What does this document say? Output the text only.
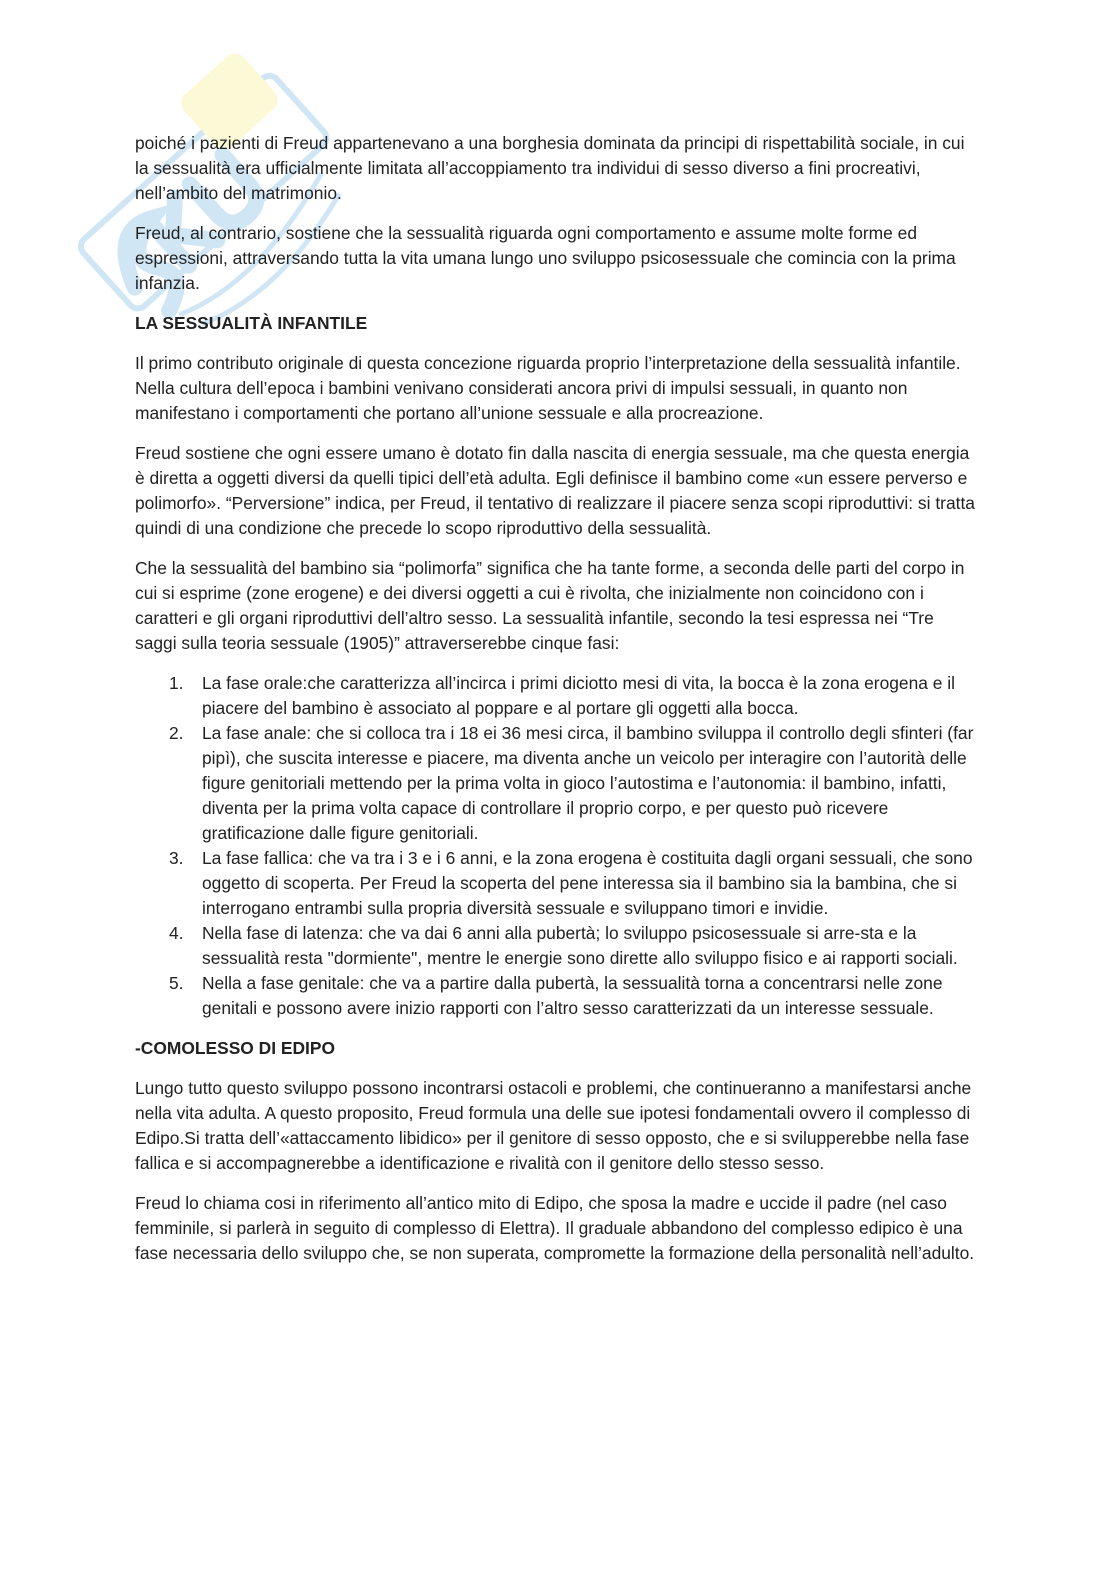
poiché i pazienti di Freud appartenevano a una borghesia dominata da principi di rispettabilità sociale, in cui la sessualità era ufficialmente limitata all’accoppiamento tra individui di sesso diverso a fini procreativi, nell’ambito del matrimonio.

Freud, al contrario, sostiene che la sessualità riguarda ogni comportamento e assume molte forme ed espressioni, attraversando tutta la vita umana lungo uno sviluppo psicosessuale che comincia con la prima infanzia.

LA SESSUALITÀ INFANTILE

Il primo contributo originale di questa concezione riguarda proprio l’interpretazione della sessualità infantile. Nella cultura dell’epoca i bambini venivano considerati ancora privi di impulsi sessuali, in quanto non manifestano i comportamenti che portano all’unione sessuale e alla procreazione.

Freud sostiene che ogni essere umano è dotato fin dalla nascita di energia sessuale, ma che questa energia è diretta a oggetti diversi da quelli tipici dell’età adulta. Egli definisce il bambino come «un essere perverso e polimorfo». “Perversione” indica, per Freud, il tentativo di realizzare il piacere senza scopi riproduttivi: si tratta quindi di una condizione che precede lo scopo riproduttivo della sessualità.

Che la sessualità del bambino sia “polimorfa” significa che ha tante forme, a seconda delle parti del corpo in cui si esprime (zone erogene) e dei diversi oggetti a cui è rivolta, che inizialmente non coincidono con i caratteri e gli organi riproduttivi dell’altro sesso. La sessualità infantile, secondo la tesi espressa nei “Tre saggi sulla teoria sessuale (1905)” attraverserebbe cinque fasi:

1. La fase orale:che caratterizza all’incirca i primi diciotto mesi di vita, la bocca è la zona erogena e il piacere del bambino è associato al poppare e al portare gli oggetti alla bocca.
2. La fase anale: che si colloca tra i 18 ei 36 mesi circa, il bambino sviluppa il controllo degli sfinteri (far pipì), che suscita interesse e piacere, ma diventa anche un veicolo per interagire con l’autorità delle figure genitoriali mettendo per la prima volta in gioco l’autostima e l’autonomia: il bambino, infatti, diventa per la prima volta capace di controllare il proprio corpo, e per questo può ricevere gratificazione dalle figure genitoriali.
3. La fase fallica: che va tra i 3 e i 6 anni, e la zona erogena è costituita dagli organi sessuali, che sono oggetto di scoperta. Per Freud la scoperta del pene interessa sia il bambino sia la bambina, che si interrogano entrambi sulla propria diversità sessuale e sviluppano timori e invidie.
4. Nella fase di latenza: che va dai 6 anni alla pubertà; lo sviluppo psicosessuale si arre-sta e la sessualità resta "dormiente", mentre le energie sono dirette allo sviluppo fisico e ai rapporti sociali.
5. Nella a fase genitale: che va a partire dalla pubertà, la sessualità torna a concentrarsi nelle zone genitali e possono avere inizio rapporti con l’altro sesso caratterizzati da un interesse sessuale.
-COMOLESSO DI EDIPO

Lungo tutto questo sviluppo possono incontrarsi ostacoli e problemi, che continueranno a manifestarsi anche nella vita adulta. A questo proposito, Freud formula una delle sue ipotesi fondamentali ovvero il complesso di Edipo.Si tratta dell’«attaccamento libidico» per il genitore di sesso opposto, che e si svilupperebbe nella fase fallica e si accompagnerebbe a identificazione e rivalità con il genitore dello stesso sesso.

Freud lo chiama cosi in riferimento all’antico mito di Edipo, che sposa la madre e uccide il padre (nel caso femminile, si parlerà in seguito di complesso di Elettra). Il graduale abbandono del complesso edipico è una fase necessaria dello sviluppo che, se non superata, compromette la formazione della personalità nell’adulto.
